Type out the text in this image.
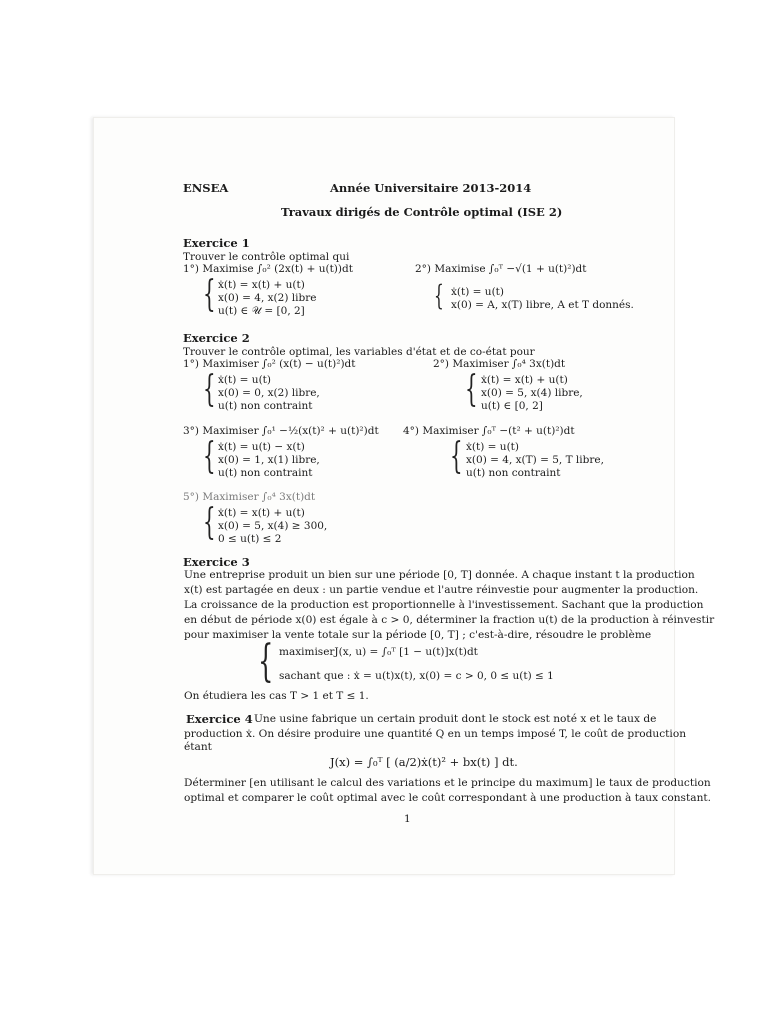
ENSEA	Année Universitaire 2013-2014
Travaux dirigés de Contrôle optimal (ISE 2)
Exercice 1
Trouver le contrôle optimal qui
1°) Maximise ∫₀² (2x(t) + u(t))dt
{ ẋ(t) = x(t) + u(t)
x(0) = 4, x(2) libre
u(t) ∈ 𝒰 = [0, 2]
2°) Maximise ∫₀ᵀ −√(1 + u(t)²)dt
{ ẋ(t) = u(t)
x(0) = A, x(T) libre, A et T donnés.
Exercice 2
Trouver le contrôle optimal, les variables d'état et de co-état pour
1°) Maximiser ∫₀² (x(t) − u(t)²)dt
{ ẋ(t) = u(t)
x(0) = 0, x(2) libre,
u(t) non contraint
2°) Maximiser ∫₀⁴ 3x(t)dt
{ ẋ(t) = x(t) + u(t)
x(0) = 5, x(4) libre,
u(t) ∈ [0, 2]
3°) Maximiser ∫₀¹ −½(x(t)² + u(t)²)dt
{ ẋ(t) = u(t) − x(t)
x(0) = 1, x(1) libre,
u(t) non contraint
4°) Maximiser ∫₀ᵀ −(t² + u(t)²)dt
{ ẋ(t) = u(t)
x(0) = 4, x(T) = 5, T libre,
u(t) non contraint
5°) Maximiser ∫₀⁴ 3x(t)dt
{ ẋ(t) = x(t) + u(t)
x(0) = 5, x(4) ≥ 300,
0 ≤ u(t) ≤ 2
Exercice 3
Une entreprise produit un bien sur une période [0, T] donnée. A chaque instant t la production
x(t) est partagée en deux : un partie vendue et l'autre réinvestie pour augmenter la production.
La croissance de la production est proportionnelle à l'investissement. Sachant que la production
en début de période x(0) est égale à c > 0, déterminer la fraction u(t) de la production à réinvestir
pour maximiser la vente totale sur la période [0, T] ; c'est-à-dire, résoudre le problème
{ maximiserJ(x, u) = ∫₀ᵀ [1 − u(t)]x(t)dt
sachant que : ẋ = u(t)x(t), x(0) = c > 0, 0 ≤ u(t) ≤ 1
On étudiera les cas T > 1 et T ≤ 1.
Exercice 4 Une usine fabrique un certain produit dont le stock est noté x et le taux de
production ẋ. On désire produire une quantité Q en un temps imposé T, le coût de production
étant
J(x) = ∫₀ᵀ [ (a/2)ẋ(t)² + bx(t) ] dt.
Déterminer [en utilisant le calcul des variations et le principe du maximum] le taux de production
optimal et comparer le coût optimal avec le coût correspondant à une production à taux constant.
1
